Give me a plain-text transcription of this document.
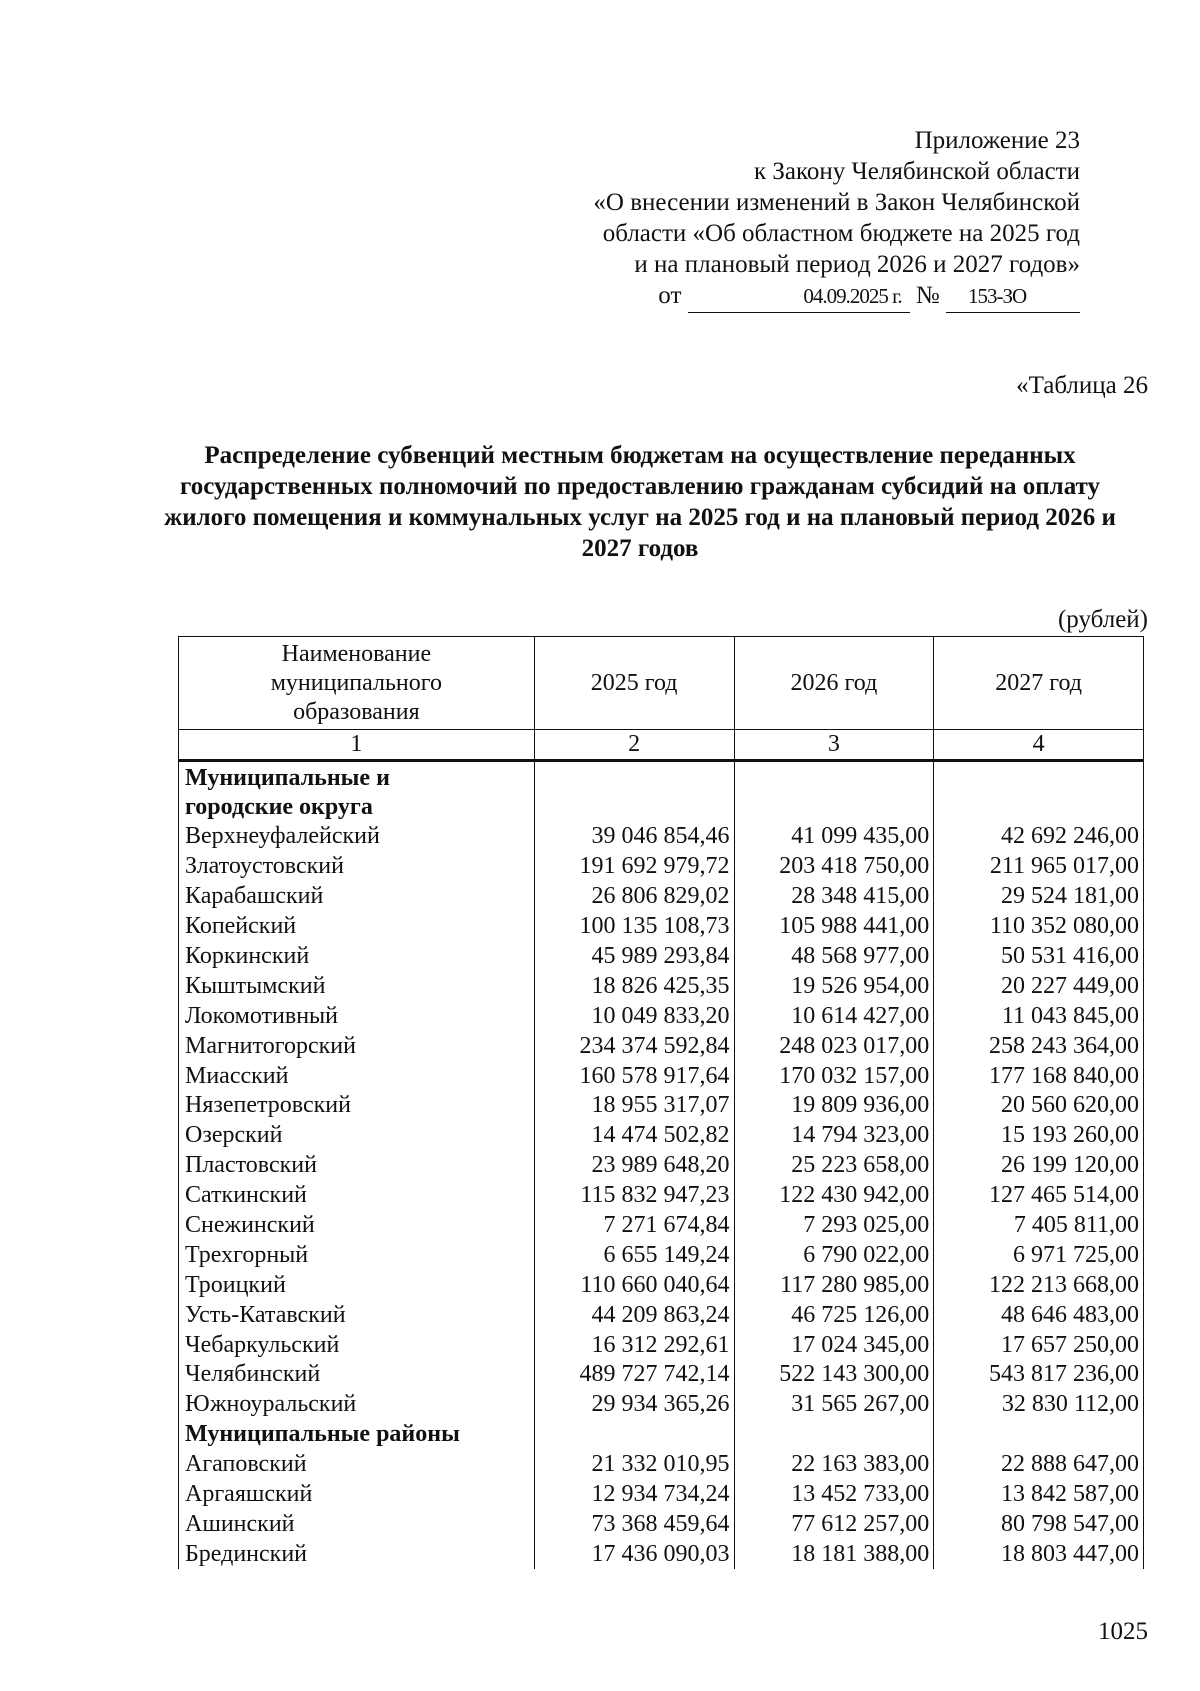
Приложение 23
к Закону Челябинской области
«О внесении изменений в Закон Челябинской
области «Об областном бюджете на 2025 год
и на плановый период 2026 и 2027 годов»
от	04.09.2025 г. № 153-ЗО
«Таблица 26
Распределение субвенций местным бюджетам на осуществление переданных государственных полномочий по предоставлению гражданам субсидий на оплату жилого помещения и коммунальных услуг на 2025 год и на плановый период 2026 и 2027 годов
(рублей)
Наименование муниципального образования	2025 год	2026 год	2027 год
1	2	3	4
Муниципальные и городские округа			
Верхнеуфалейский	39 046 854,46	41 099 435,00	42 692 246,00
Златоустовский	191 692 979,72	203 418 750,00	211 965 017,00
Карабашский	26 806 829,02	28 348 415,00	29 524 181,00
Копейский	100 135 108,73	105 988 441,00	110 352 080,00
Коркинский	45 989 293,84	48 568 977,00	50 531 416,00
Кыштымский	18 826 425,35	19 526 954,00	20 227 449,00
Локомотивный	10 049 833,20	10 614 427,00	11 043 845,00
Магнитогорский	234 374 592,84	248 023 017,00	258 243 364,00
Миасский	160 578 917,64	170 032 157,00	177 168 840,00
Нязепетровский	18 955 317,07	19 809 936,00	20 560 620,00
Озерский	14 474 502,82	14 794 323,00	15 193 260,00
Пластовский	23 989 648,20	25 223 658,00	26 199 120,00
Саткинский	115 832 947,23	122 430 942,00	127 465 514,00
Снежинский	7 271 674,84	7 293 025,00	7 405 811,00
Трехгорный	6 655 149,24	6 790 022,00	6 971 725,00
Троицкий	110 660 040,64	117 280 985,00	122 213 668,00
Усть-Катавский	44 209 863,24	46 725 126,00	48 646 483,00
Чебаркульский	16 312 292,61	17 024 345,00	17 657 250,00
Челябинский	489 727 742,14	522 143 300,00	543 817 236,00
Южноуральский	29 934 365,26	31 565 267,00	32 830 112,00
Муниципальные районы			
Агаповский	21 332 010,95	22 163 383,00	22 888 647,00
Аргаяшский	12 934 734,24	13 452 733,00	13 842 587,00
Ашинский	73 368 459,64	77 612 257,00	80 798 547,00
Брединский	17 436 090,03	18 181 388,00	18 803 447,00
1025
